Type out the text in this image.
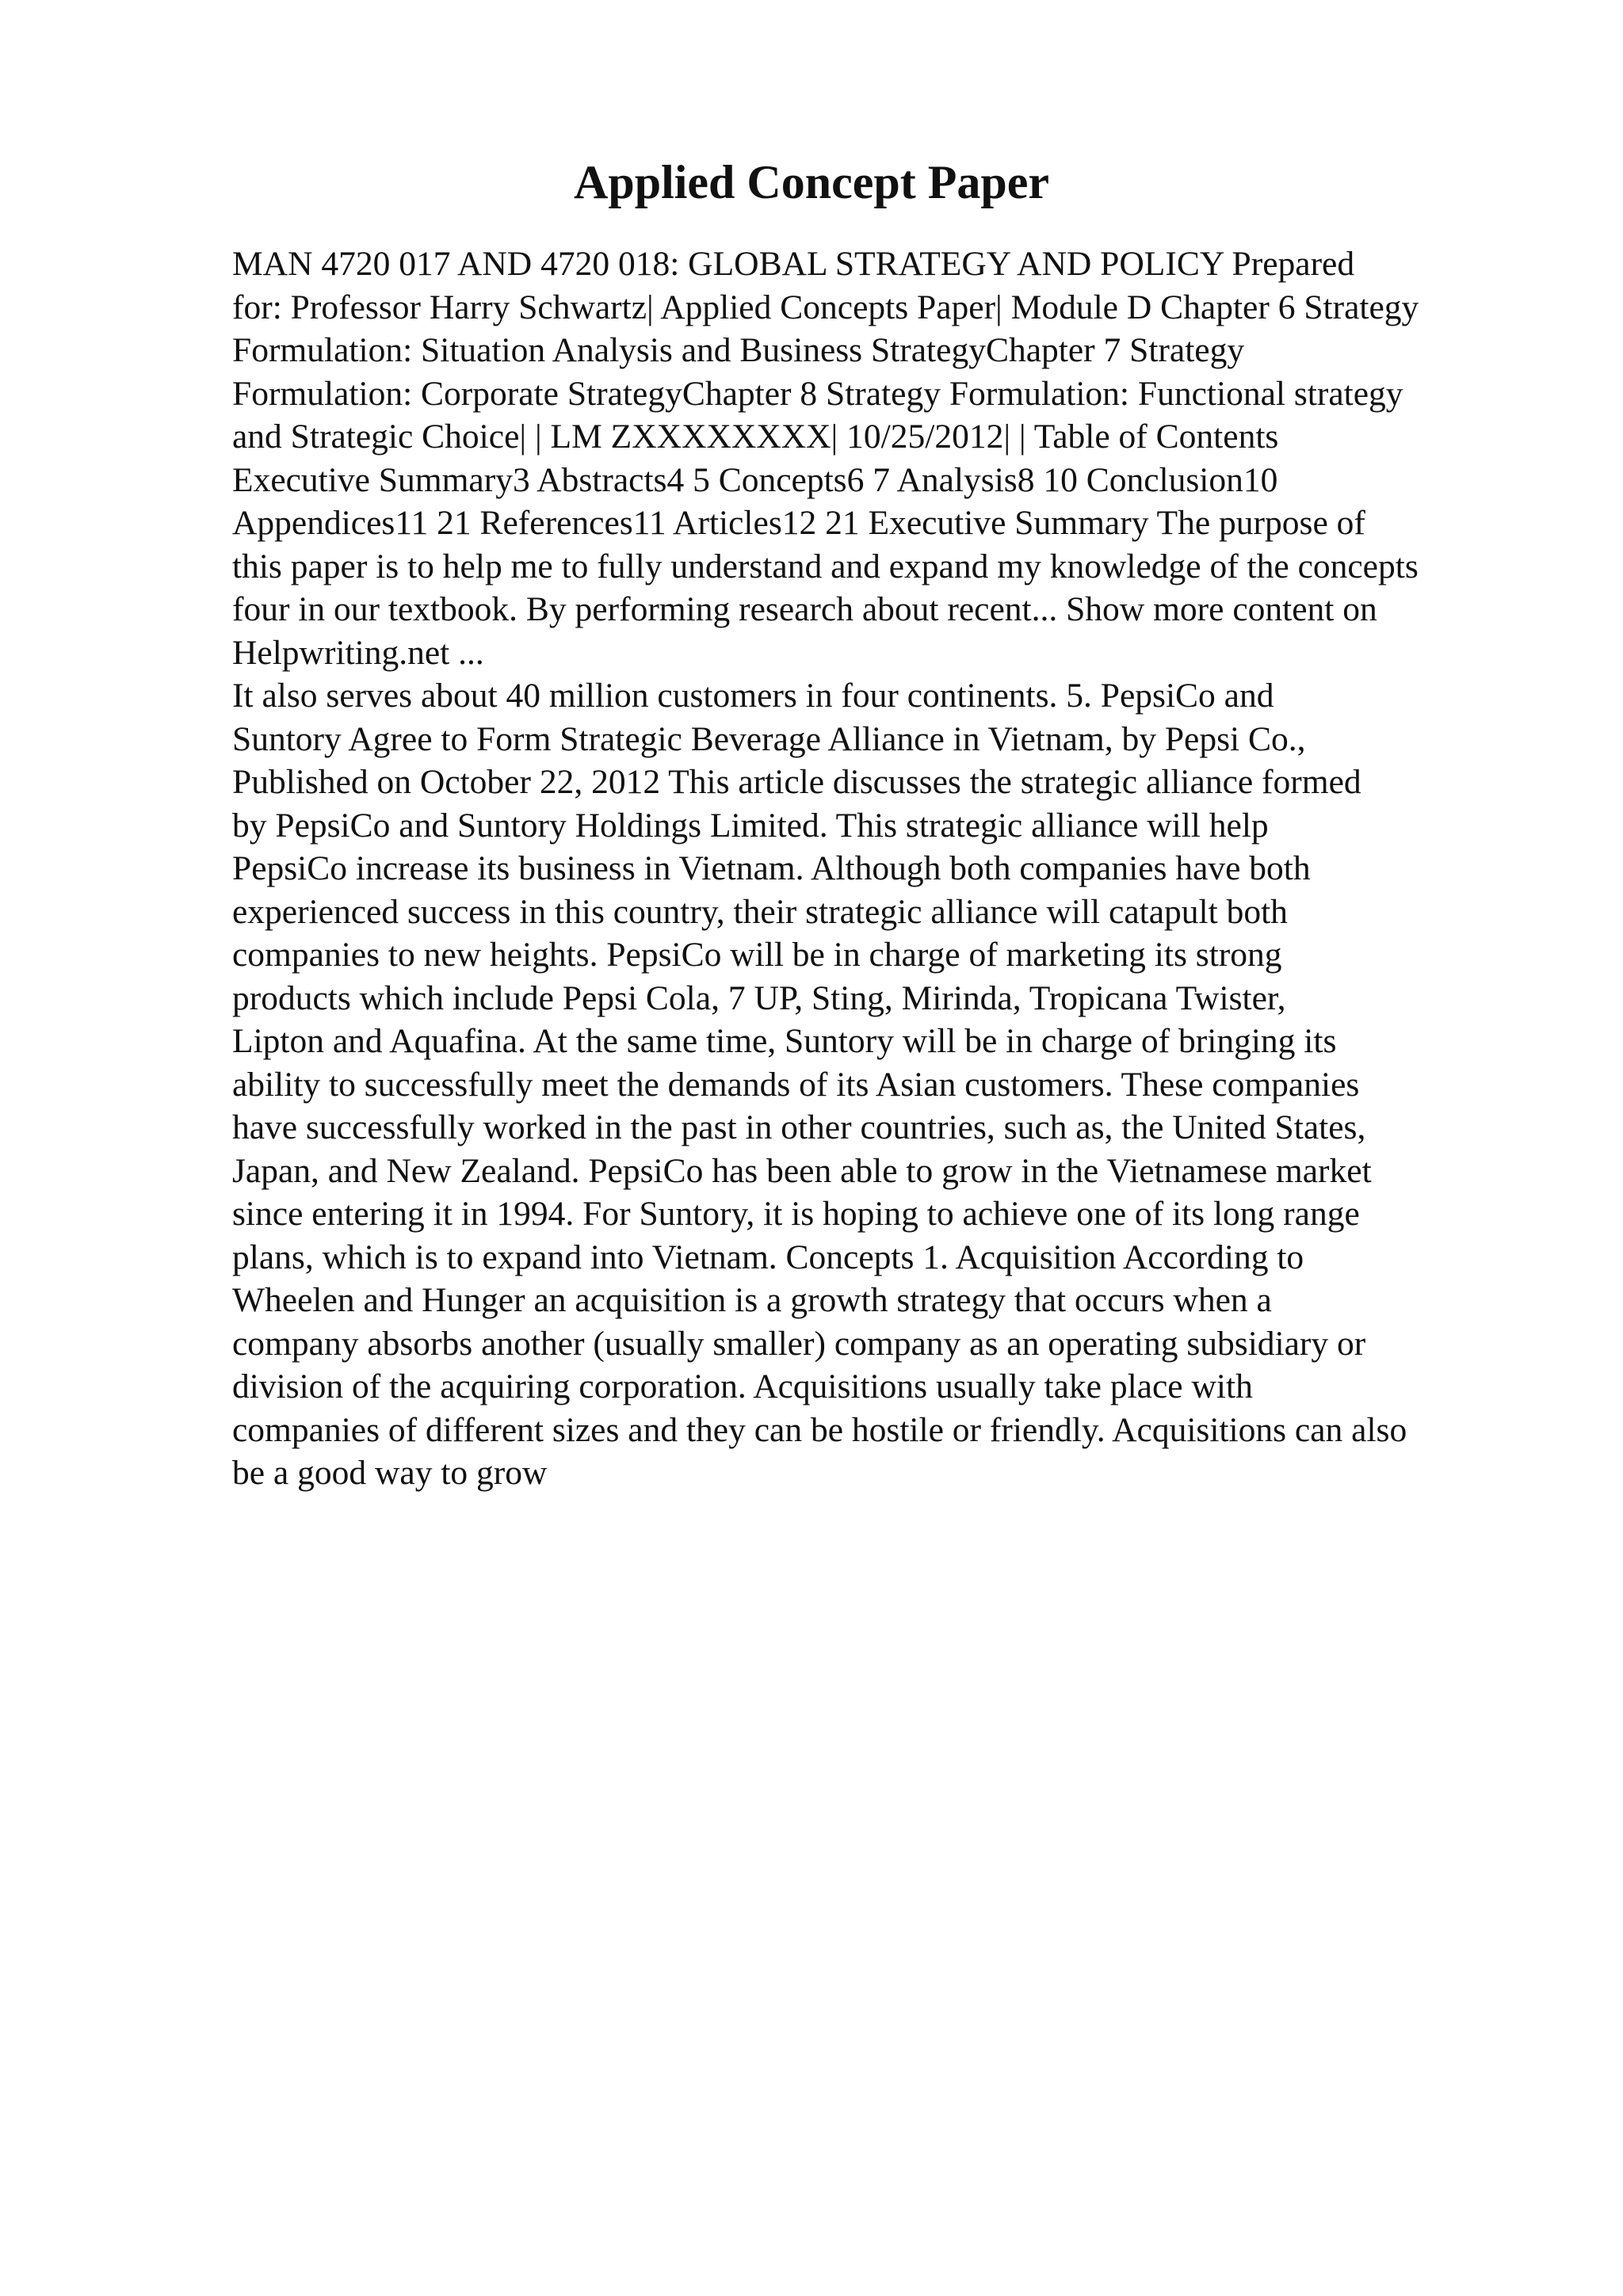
Applied Concept Paper
MAN 4720 017 AND 4720 018: GLOBAL STRATEGY AND POLICY Prepared
for: Professor Harry Schwartz| Applied Concepts Paper| Module D Chapter 6 Strategy
Formulation: Situation Analysis and Business StrategyChapter 7 Strategy
Formulation: Corporate StrategyChapter 8 Strategy Formulation: Functional strategy
and Strategic Choice| | LM ZXXXXXXXX| 10/25/2012| | Table of Contents
Executive Summary3 Abstracts4 5 Concepts6 7 Analysis8 10 Conclusion10
Appendices11 21 References11 Articles12 21 Executive Summary The purpose of
this paper is to help me to fully understand and expand my knowledge of the concepts
four in our textbook. By performing research about recent... Show more content on
Helpwriting.net ...
It also serves about 40 million customers in four continents. 5. PepsiCo and
Suntory Agree to Form Strategic Beverage Alliance in Vietnam, by Pepsi Co.,
Published on October 22, 2012 This article discusses the strategic alliance formed
by PepsiCo and Suntory Holdings Limited. This strategic alliance will help
PepsiCo increase its business in Vietnam. Although both companies have both
experienced success in this country, their strategic alliance will catapult both
companies to new heights. PepsiCo will be in charge of marketing its strong
products which include Pepsi Cola, 7 UP, Sting, Mirinda, Tropicana Twister,
Lipton and Aquafina. At the same time, Suntory will be in charge of bringing its
ability to successfully meet the demands of its Asian customers. These companies
have successfully worked in the past in other countries, such as, the United States,
Japan, and New Zealand. PepsiCo has been able to grow in the Vietnamese market
since entering it in 1994. For Suntory, it is hoping to achieve one of its long range
plans, which is to expand into Vietnam. Concepts 1. Acquisition According to
Wheelen and Hunger an acquisition is a growth strategy that occurs when a
company absorbs another (usually smaller) company as an operating subsidiary or
division of the acquiring corporation. Acquisitions usually take place with
companies of different sizes and they can be hostile or friendly. Acquisitions can also
be a good way to grow
